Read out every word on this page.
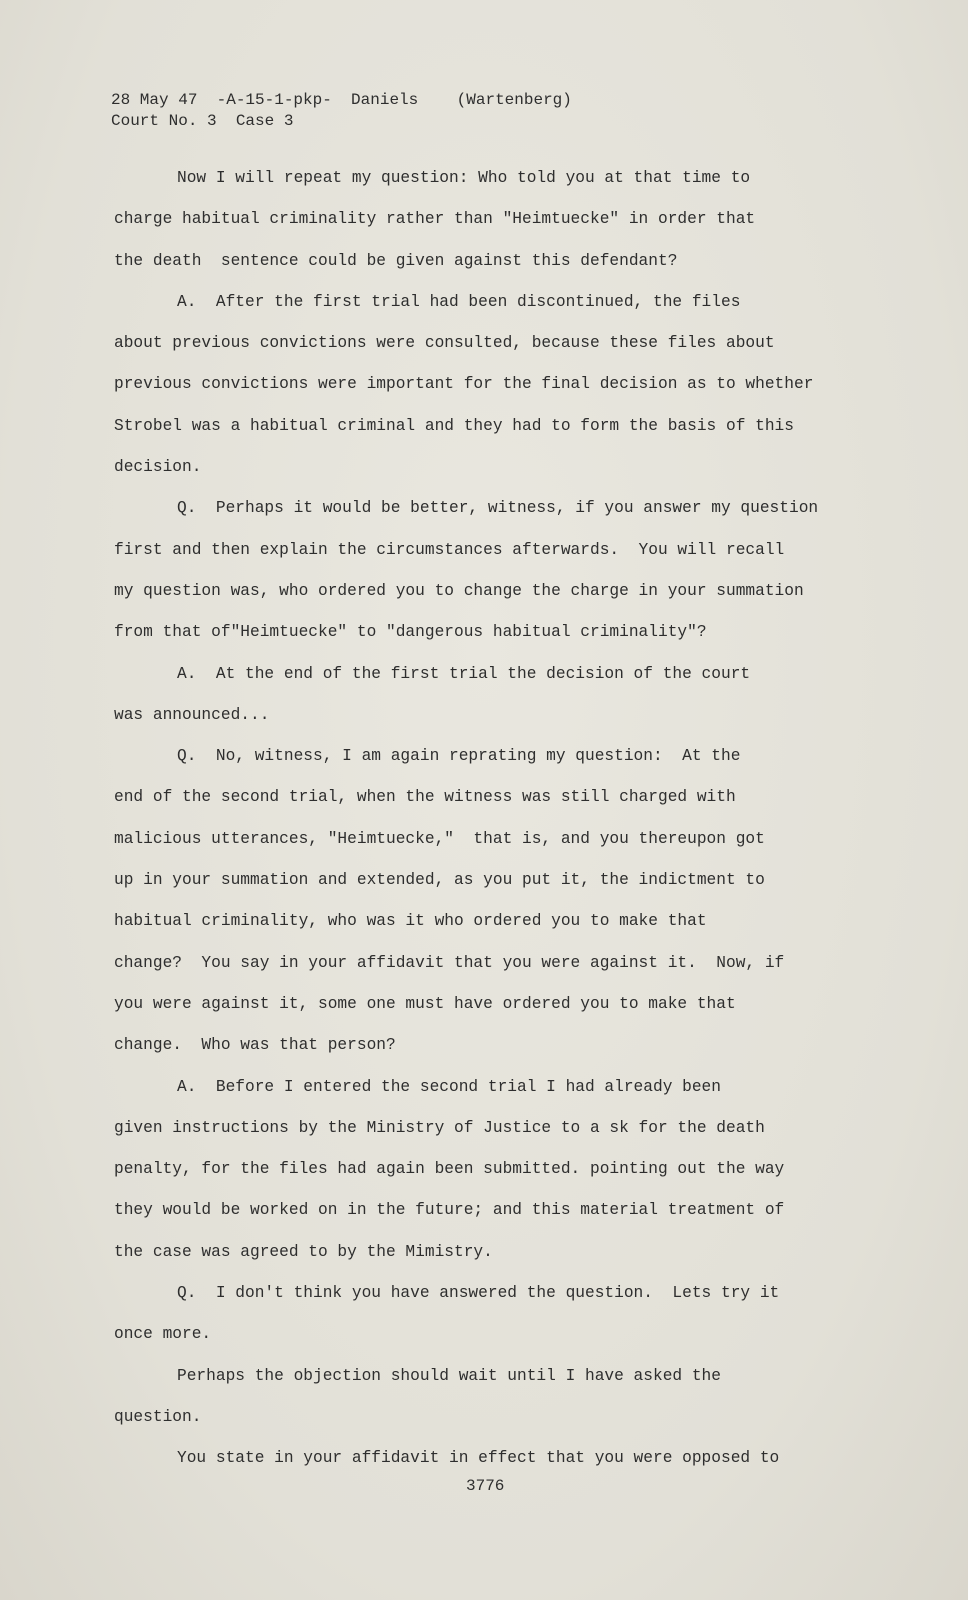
28 May 47  -A-15-1-pkp-  Daniels    (Wartenberg)
Court No. 3  Case 3
Now I will repeat my question: Who told you at that time to
charge habitual criminality rather than "Heimtuecke" in order that
the death  sentence could be given against this defendant?
A.  After the first trial had been discontinued, the files
about previous convictions were consulted, because these files about
previous convictions were important for the final decision as to whether
Strobel was a habitual criminal and they had to form the basis of this
decision.
Q.  Perhaps it would be better, witness, if you answer my question
first and then explain the circumstances afterwards.  You will recall
my question was, who ordered you to change the charge in your summation
from that of"Heimtuecke" to "dangerous habitual criminality"?
A.  At the end of the first trial the decision of the court
was announced...
Q.  No, witness, I am again reprating my question:  At the
end of the second trial, when the witness was still charged with
malicious utterances, "Heimtuecke,"  that is, and you thereupon got
up in your summation and extended, as you put it, the indictment to
habitual criminality, who was it who ordered you to make that
change?  You say in your affidavit that you were against it.  Now, if
you were against it, some one must have ordered you to make that
change.  Who was that person?
A.  Before I entered the second trial I had already been
given instructions by the Ministry of Justice to a sk for the death
penalty, for the files had again been submitted. pointing out the way
they would be worked on in the future; and this material treatment of
the case was agreed to by the Mimistry.
Q.  I don't think you have answered the question.  Lets try it
once more.
Perhaps the objection should wait until I have asked the
question.
You state in your affidavit in effect that you were opposed to
3776
